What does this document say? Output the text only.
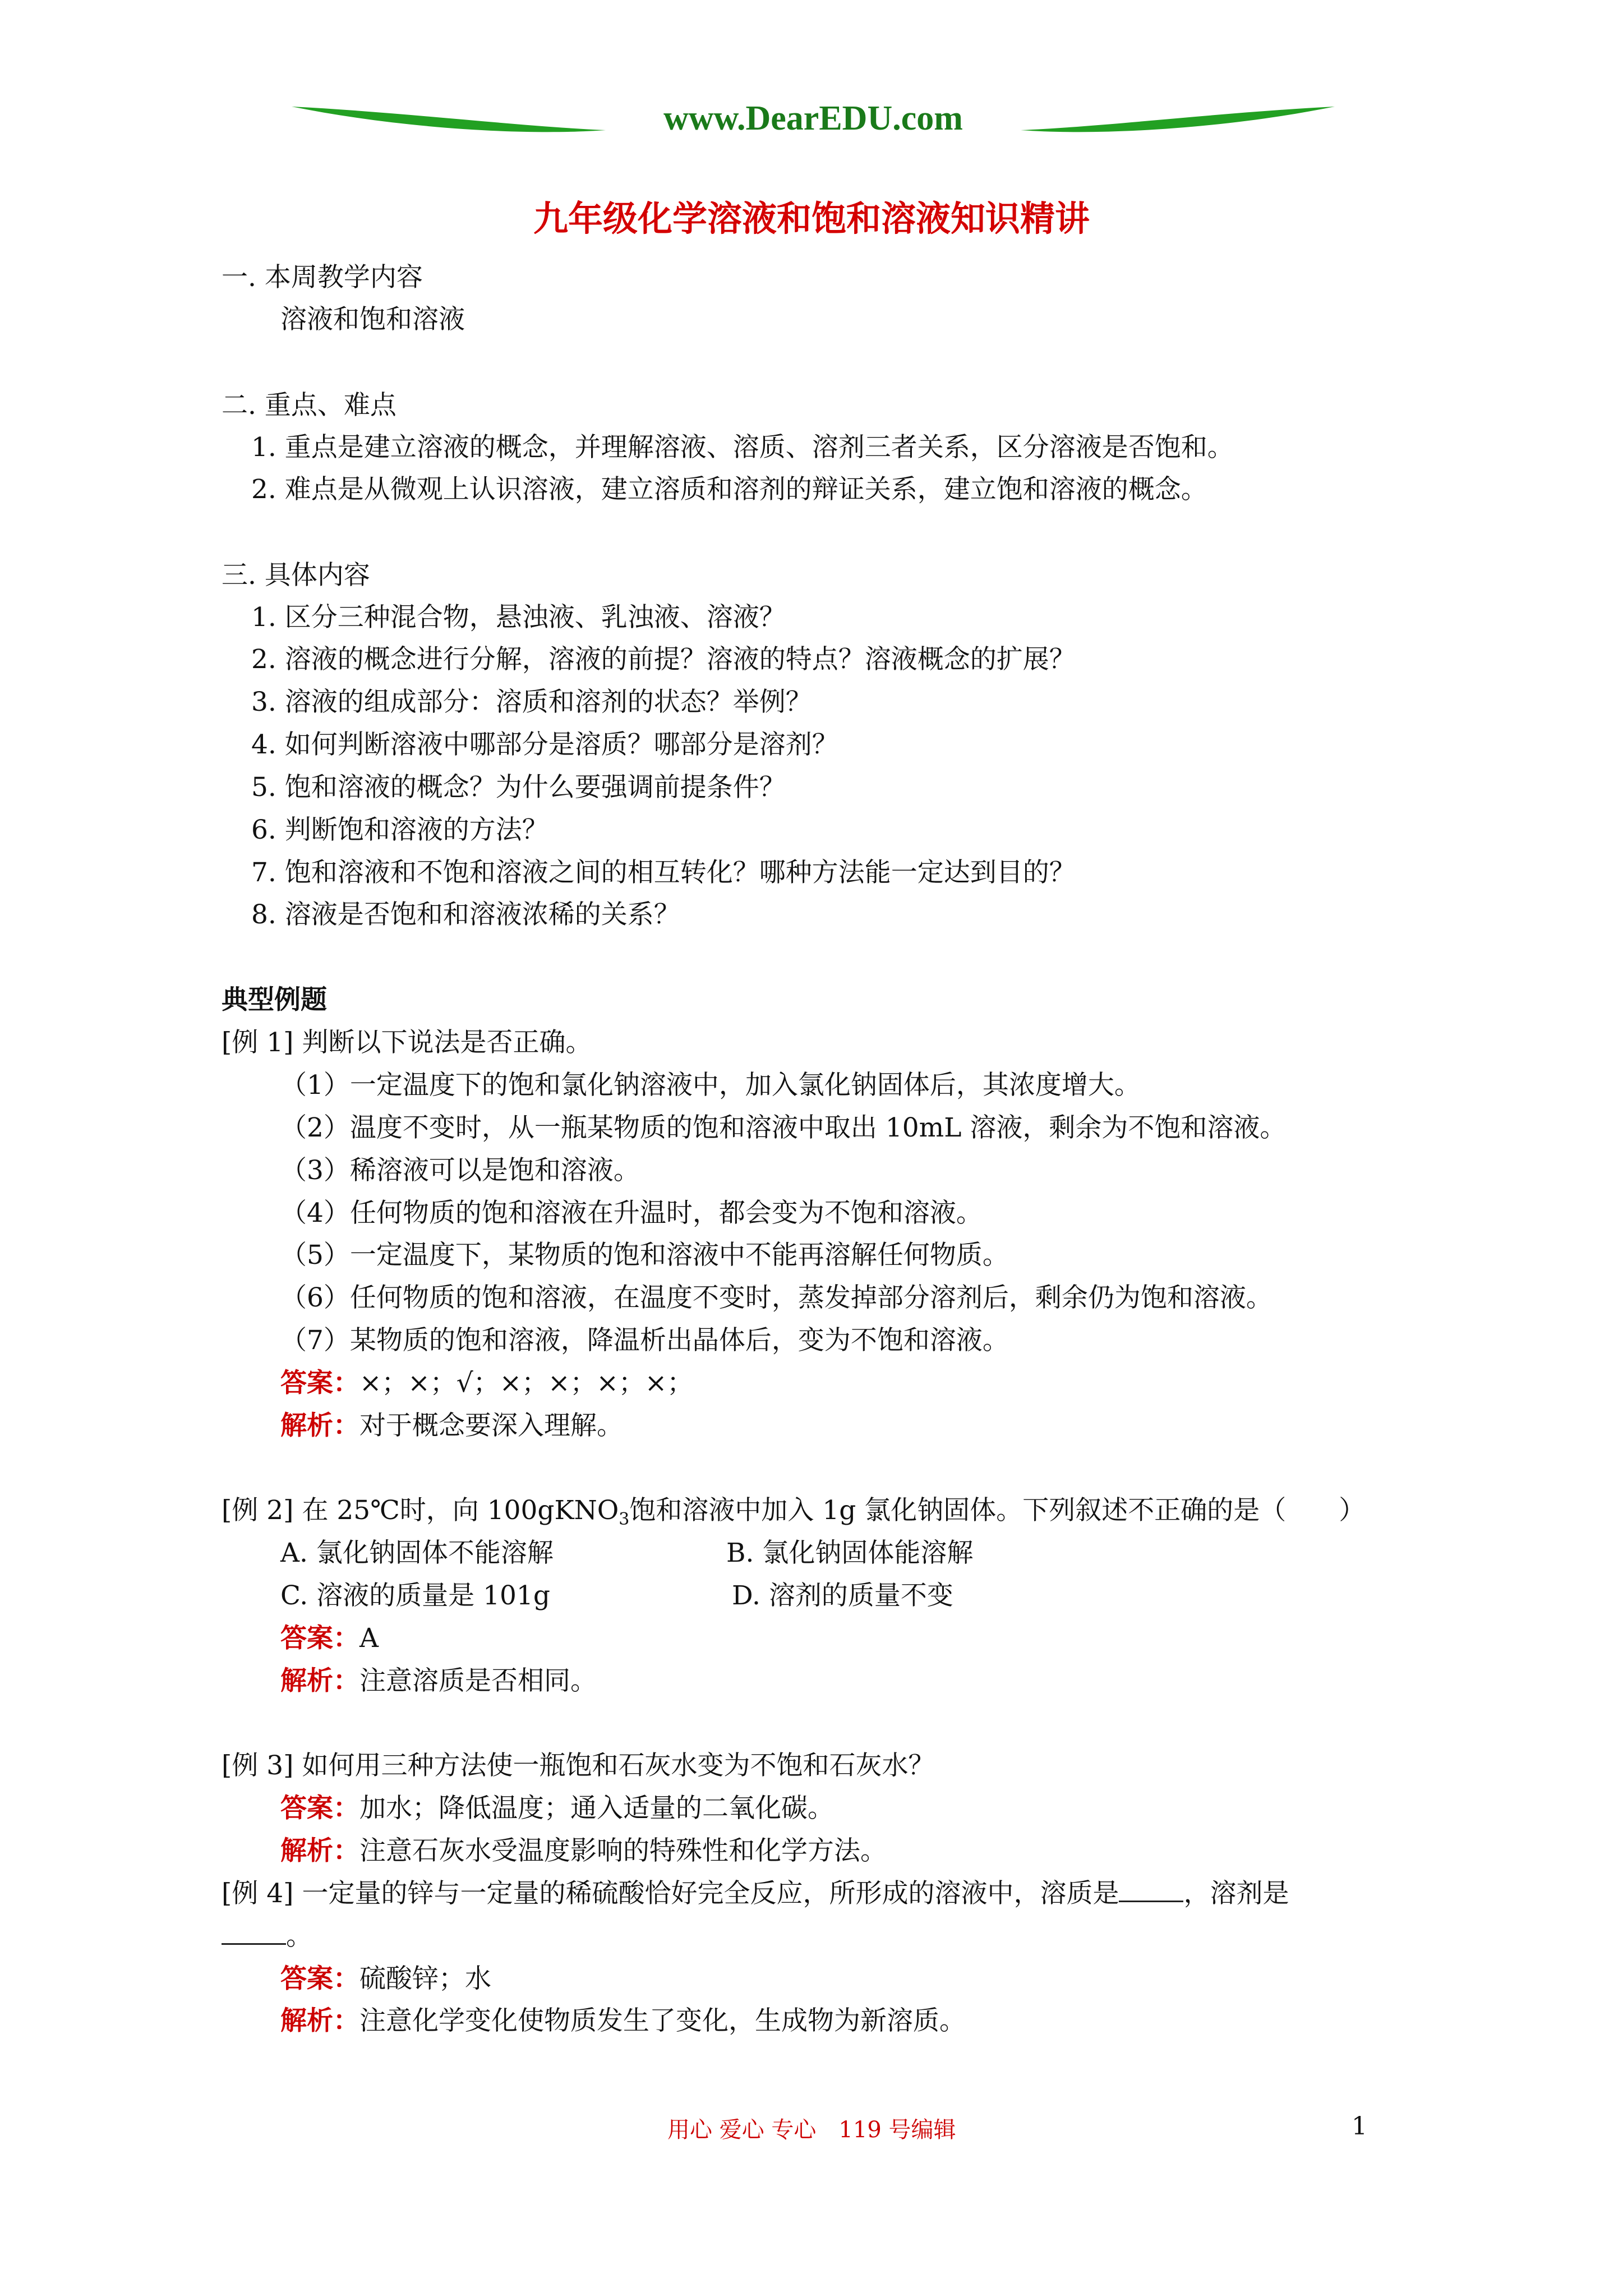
www.DearEDU.com
九年级化学溶液和饱和溶液知识精讲
一. 本周教学内容
溶液和饱和溶液
二. 重点、难点
1. 重点是建立溶液的概念，并理解溶液、溶质、溶剂三者关系，区分溶液是否饱和。
2. 难点是从微观上认识溶液，建立溶质和溶剂的辩证关系，建立饱和溶液的概念。
三. 具体内容
1. 区分三种混合物，悬浊液、乳浊液、溶液？
2. 溶液的概念进行分解，溶液的前提？溶液的特点？溶液概念的扩展？
3. 溶液的组成部分：溶质和溶剂的状态？举例？
4. 如何判断溶液中哪部分是溶质？哪部分是溶剂？
5. 饱和溶液的概念？为什么要强调前提条件？
6. 判断饱和溶液的方法？
7. 饱和溶液和不饱和溶液之间的相互转化？哪种方法能一定达到目的？
8. 溶液是否饱和和溶液浓稀的关系？
典型例题
[例 1] 判断以下说法是否正确。
（1）一定温度下的饱和氯化钠溶液中，加入氯化钠固体后，其浓度增大。
（2）温度不变时，从一瓶某物质的饱和溶液中取出 10mL 溶液，剩余为不饱和溶液。
（3）稀溶液可以是饱和溶液。
（4）任何物质的饱和溶液在升温时，都会变为不饱和溶液。
（5）一定温度下，某物质的饱和溶液中不能再溶解任何物质。
（6）任何物质的饱和溶液，在温度不变时，蒸发掉部分溶剂后，剩余仍为饱和溶液。
（7）某物质的饱和溶液，降温析出晶体后，变为不饱和溶液。
答案：×；×；√；×；×；×；×；
解析：对于概念要深入理解。
[例 2] 在 25℃时，向 100gKNO$_3$饱和溶液中加入 1g 氯化钠固体。下列叙述不正确的是（　　）
A. 氯化钠固体不能溶解	B. 氯化钠固体能溶解
C. 溶液的质量是 101g	D. 溶剂的质量不变
答案：A
解析：注意溶质是否相同。
[例 3] 如何用三种方法使一瓶饱和石灰水变为不饱和石灰水？
答案：加水；降低温度；通入适量的二氧化碳。
解析：注意石灰水受温度影响的特殊性和化学方法。
[例 4] 一定量的锌与一定量的稀硫酸恰好完全反应，所形成的溶液中，溶质是 ，溶剂是
。
答案：硫酸锌；水
解析：注意化学变化使物质发生了变化，生成物为新溶质。
用心 爱心 专心　119 号编辑	1
